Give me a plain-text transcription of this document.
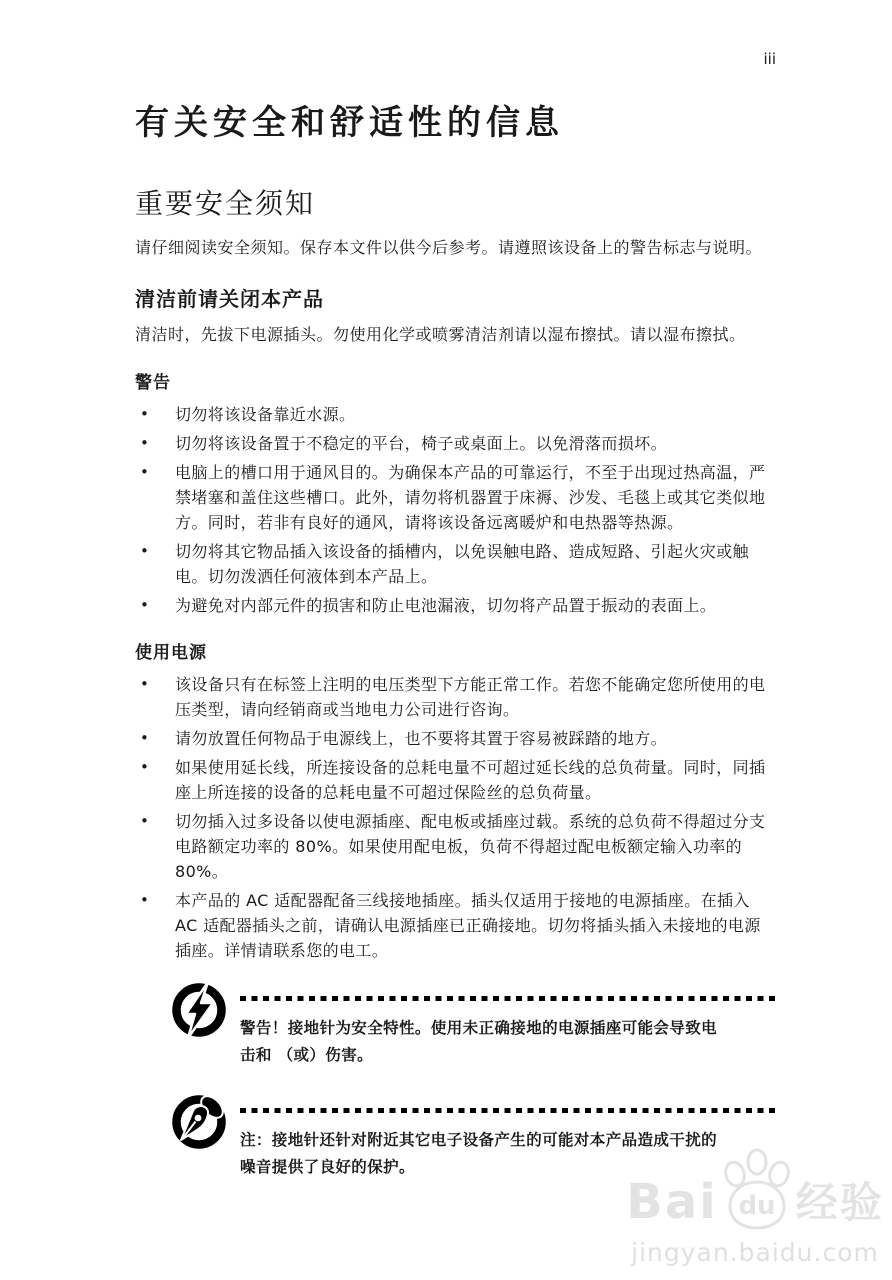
iii
有关安全和舒适性的信息
重要安全须知

请仔细阅读安全须知。保存本文件以供今后参考。请遵照该设备上的警告标志与说明。

清洁前请关闭本产品

清洁时，先拔下电源插头。勿使用化学或喷雾清洁剂请以湿布擦拭。请以湿布擦拭。

警告
•	切勿将该设备靠近水源。
•	切勿将该设备置于不稳定的平台，椅子或桌面上。以免滑落而损坏。
•	电脑上的槽口用于通风目的。为确保本产品的可靠运行，不至于出现过热高温，严禁堵塞和盖住这些槽口。此外，请勿将机器置于床褥、沙发、毛毯上或其它类似地方。同时，若非有良好的通风，请将该设备远离暖炉和电热器等热源。
•	切勿将其它物品插入该设备的插槽内，以免误触电路、造成短路、引起火灾或触电。切勿泼洒任何液体到本产品上。
•	为避免对内部元件的损害和防止电池漏液，切勿将产品置于振动的表面上。
使用电源
•	该设备只有在标签上注明的电压类型下方能正常工作。若您不能确定您所使用的电压类型，请向经销商或当地电力公司进行咨询。
•	请勿放置任何物品于电源线上，也不要将其置于容易被踩踏的地方。
•	如果使用延长线，所连接设备的总耗电量不可超过延长线的总负荷量。同时，同插座上所连接的设备的总耗电量不可超过保险丝的总负荷量。
•	切勿插入过多设备以使电源插座、配电板或插座过载。系统的总负荷不得超过分支电路额定功率的 80%。如果使用配电板，负荷不得超过配电板额定输入功率的 80%。
•	本产品的 AC 适配器配备三线接地插座。插头仅适用于接地的电源插座。在插入 AC 适配器插头之前，请确认电源插座已正确接地。切勿将插头插入未接地的电源插座。详情请联系您的电工。

警告！接地针为安全特性。使用未正确接地的电源插座可能会导致电击和 （或）伤害。

注：接地针还针对附近其它电子设备产生的可能对本产品造成干扰的噪音提供了良好的保护。

Bai du 经验
jingyan.baidu.com
